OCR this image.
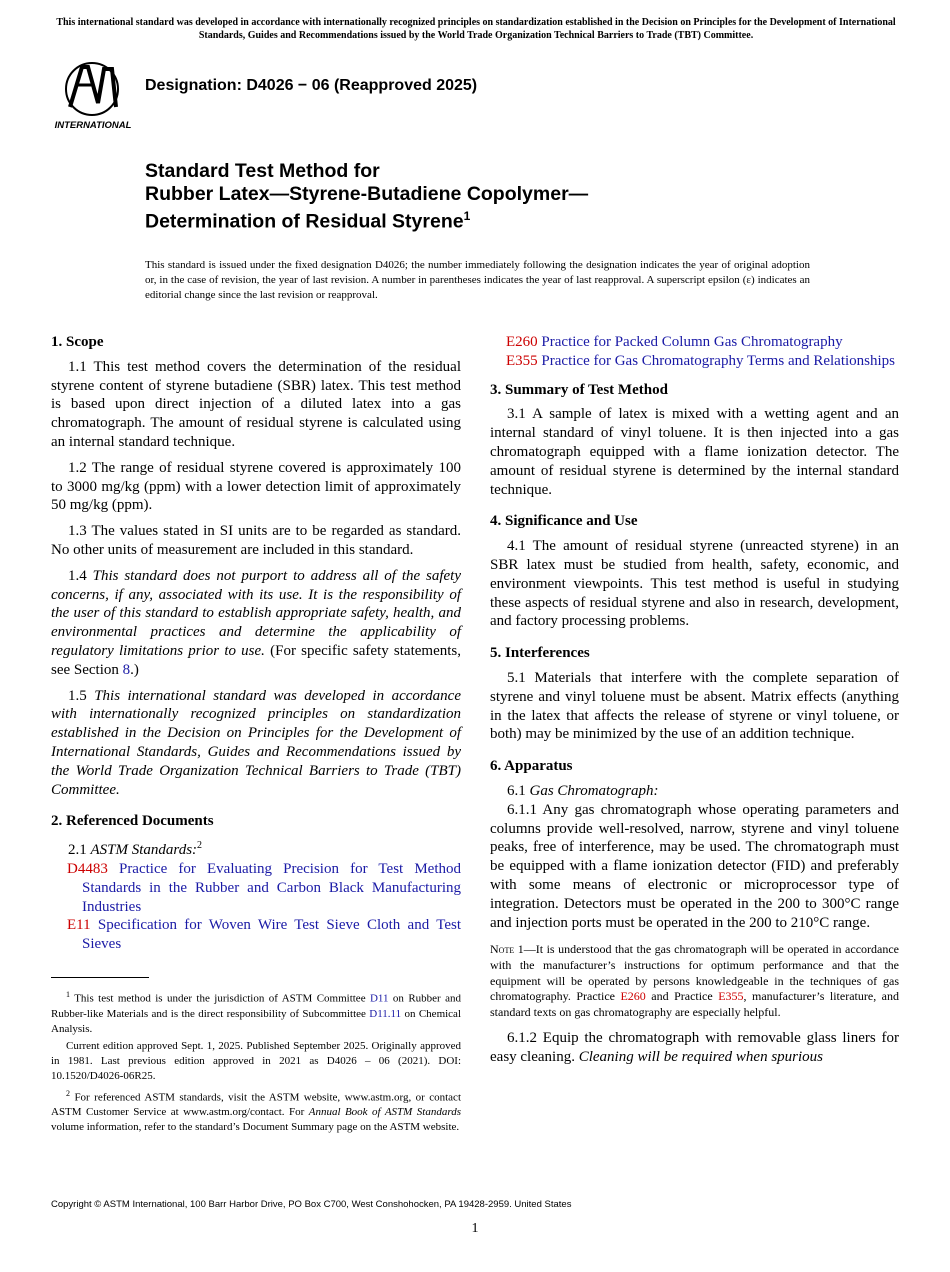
This international standard was developed in accordance with internationally recognized principles on standardization established in the Decision on Principles for the Development of International Standards, Guides and Recommendations issued by the World Trade Organization Technical Barriers to Trade (TBT) Committee.
INTERNATIONAL
Designation: D4026 − 06 (Reapproved 2025)
Standard Test Method for
Rubber Latex—Styrene-Butadiene Copolymer—
Determination of Residual Styrene$^1$
This standard is issued under the fixed designation D4026; the number immediately following the designation indicates the year of original adoption or, in the case of revision, the year of last revision. A number in parentheses indicates the year of last reapproval. A superscript epsilon (ε) indicates an editorial change since the last revision or reapproval.
1. Scope

1.1 This test method covers the determination of the residual styrene content of styrene butadiene (SBR) latex. This test method is based upon direct injection of a diluted latex into a gas chromatograph. The amount of residual styrene is calculated using an internal standard technique.

1.2 The range of residual styrene covered is approximately 100 to 3000 mg/kg (ppm) with a lower detection limit of approximately 50 mg/kg (ppm).

1.3 The values stated in SI units are to be regarded as standard. No other units of measurement are included in this standard.

1.4 This standard does not purport to address all of the safety concerns, if any, associated with its use. It is the responsibility of the user of this standard to establish appropriate safety, health, and environmental practices and determine the applicability of regulatory limitations prior to use. (For specific safety statements, see Section 8.)

1.5 This international standard was developed in accordance with internationally recognized principles on standardization established in the Decision on Principles for the Development of International Standards, Guides and Recommendations issued by the World Trade Organization Technical Barriers to Trade (TBT) Committee.

2. Referenced Documents

2.1 ASTM Standards:$^2$

D4483 Practice for Evaluating Precision for Test Method Standards in the Rubber and Carbon Black Manufacturing Industries
E11 Specification for Woven Wire Test Sieve Cloth and Test Sieves
E260 Practice for Packed Column Gas Chromatography
E355 Practice for Gas Chromatography Terms and Relationships
3. Summary of Test Method

3.1 A sample of latex is mixed with a wetting agent and an internal standard of vinyl toluene. It is then injected into a gas chromatograph equipped with a flame ionization detector. The amount of residual styrene is determined by the internal standard technique.

4. Significance and Use

4.1 The amount of residual styrene (unreacted styrene) in an SBR latex must be studied from health, safety, economic, and environment viewpoints. This test method is useful in studying these aspects of residual styrene and also in research, development, and factory processing problems.

5. Interferences

5.1 Materials that interfere with the complete separation of styrene and vinyl toluene must be absent. Matrix effects (anything in the latex that affects the release of styrene or vinyl toluene, or both) may be minimized by the use of an addition technique.

6. Apparatus

6.1 Gas Chromatograph:

6.1.1 Any gas chromatograph whose operating parameters and columns provide well-resolved, narrow, styrene and vinyl toluene peaks, free of interference, may be used. The chromatograph must be equipped with a flame ionization detector (FID) and preferably with some means of electronic or microprocessor type of integration. Detectors must be operated in the 200 to 300°C range and injection ports must be operated in the 200 to 210°C range.

Note 1—It is understood that the gas chromatograph will be operated in accordance with the manufacturer’s instructions for optimum performance and that the equipment will be operated by persons knowledgeable in the techniques of gas chromatography. Practice E260 and Practice E355, manufacturer’s literature, and standard texts on gas chromatography are especially helpful.

6.1.2 Equip the chromatograph with removable glass liners for easy cleaning. Cleaning will be required when spurious

$^1$ This test method is under the jurisdiction of ASTM Committee D11 on Rubber and Rubber-like Materials and is the direct responsibility of Subcommittee D11.11 on Chemical Analysis.

Current edition approved Sept. 1, 2025. Published September 2025. Originally approved in 1981. Last previous edition approved in 2021 as D4026 – 06 (2021). DOI: 10.1520/D4026-06R25.

$^2$ For referenced ASTM standards, visit the ASTM website, www.astm.org, or contact ASTM Customer Service at www.astm.org/contact. For Annual Book of ASTM Standards volume information, refer to the standard’s Document Summary page on the ASTM website.

Copyright © ASTM International, 100 Barr Harbor Drive, PO Box C700, West Conshohocken, PA 19428-2959. United States
1
